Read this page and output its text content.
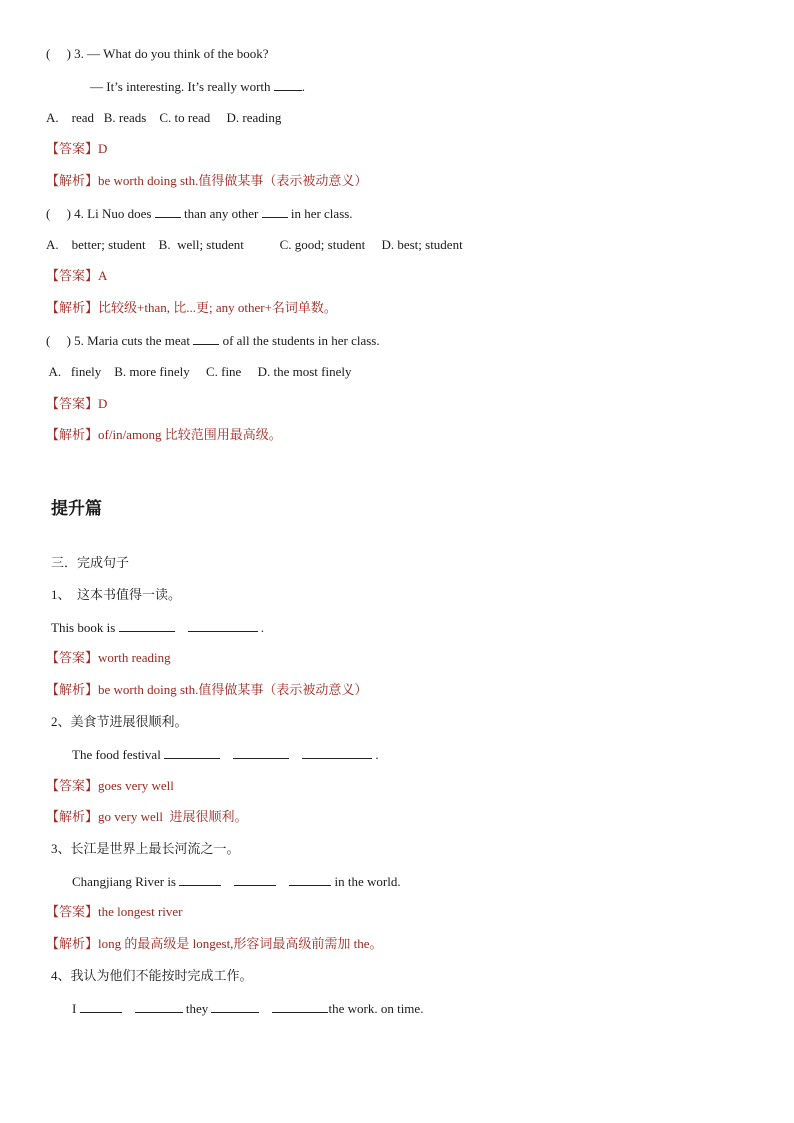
(     ) 3. — What do you think of the book?
— It’s interesting. It’s really worth .
A.    read   B. reads    C. to read     D. reading
【答案】D
【解析】be worth doing sth.值得做某事（表示被动意义）
(     ) 4. Li Nuo does  than any other  in her class.
A.    better; student    B.  well; student           C. good; student     D. best; student
【答案】A
【解析】比较级+than, 比...更; any other+名词单数。
(     ) 5. Maria cuts the meat  of all the students in her class.
A.   finely    B. more finely     C. fine     D. the most finely
【答案】D
【解析】of/in/among 比较范围用最高级。
提升篇
三．完成句子
1、  这本书值得一读。
This book is	.
【答案】worth reading
【解析】be worth doing sth.值得做某事（表示被动意义）
2、美食节进展很顺利。
The food festival	.
【答案】goes very well
【解析】go very well  进展很顺利。
3、长江是世界上最长河流之一。
Changjiang River is	in the world.
【答案】the longest river
【解析】long 的最高级是 longest,形容词最高级前需加 the。
4、我认为他们不能按时完成工作。
I	they	the work. on time.
